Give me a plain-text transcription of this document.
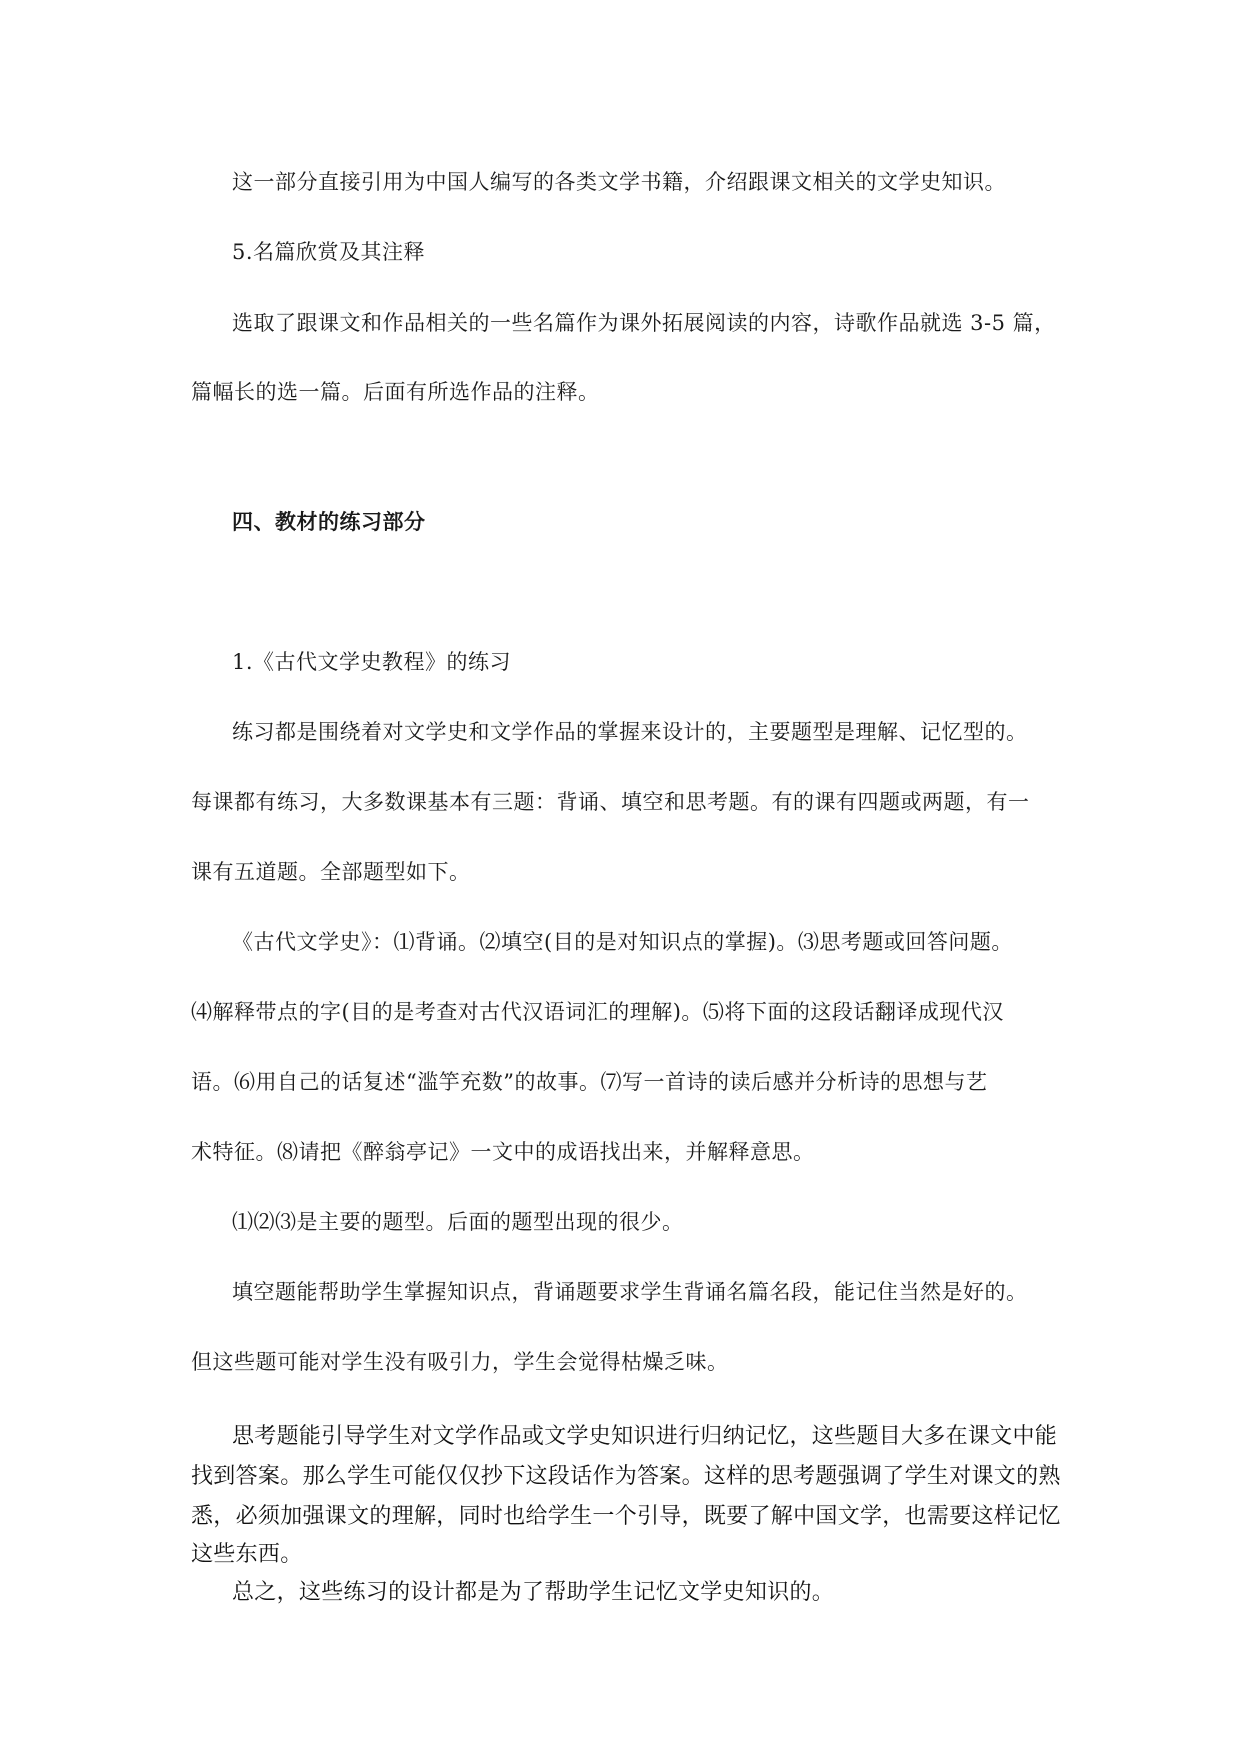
这一部分直接引用为中国人编写的各类文学书籍，介绍跟课文相关的文学史知识。
5.名篇欣赏及其注释
选取了跟课文和作品相关的一些名篇作为课外拓展阅读的内容，诗歌作品就选 3-5 篇，
篇幅长的选一篇。后面有所选作品的注释。
四、教材的练习部分
1.《古代文学史教程》的练习
练习都是围绕着对文学史和文学作品的掌握来设计的，主要题型是理解、记忆型的。
每课都有练习，大多数课基本有三题：背诵、填空和思考题。有的课有四题或两题，有一
课有五道题。全部题型如下。
《古代文学史》：⑴背诵。⑵填空(目的是对知识点的掌握)。⑶思考题或回答问题。
⑷解释带点的字(目的是考查对古代汉语词汇的理解)。⑸将下面的这段话翻译成现代汉
语。⑹用自己的话复述“滥竽充数”的故事。⑺写一首诗的读后感并分析诗的思想与艺
术特征。⑻请把《醉翁亭记》一文中的成语找出来，并解释意思。
⑴⑵⑶是主要的题型。后面的题型出现的很少。
填空题能帮助学生掌握知识点，背诵题要求学生背诵名篇名段，能记住当然是好的。
但这些题可能对学生没有吸引力，学生会觉得枯燥乏味。
思考题能引导学生对文学作品或文学史知识进行归纳记忆，这些题目大多在课文中能
找到答案。那么学生可能仅仅抄下这段话作为答案。这样的思考题强调了学生对课文的熟
悉，必须加强课文的理解，同时也给学生一个引导，既要了解中国文学，也需要这样记忆
这些东西。
总之，这些练习的设计都是为了帮助学生记忆文学史知识的。
